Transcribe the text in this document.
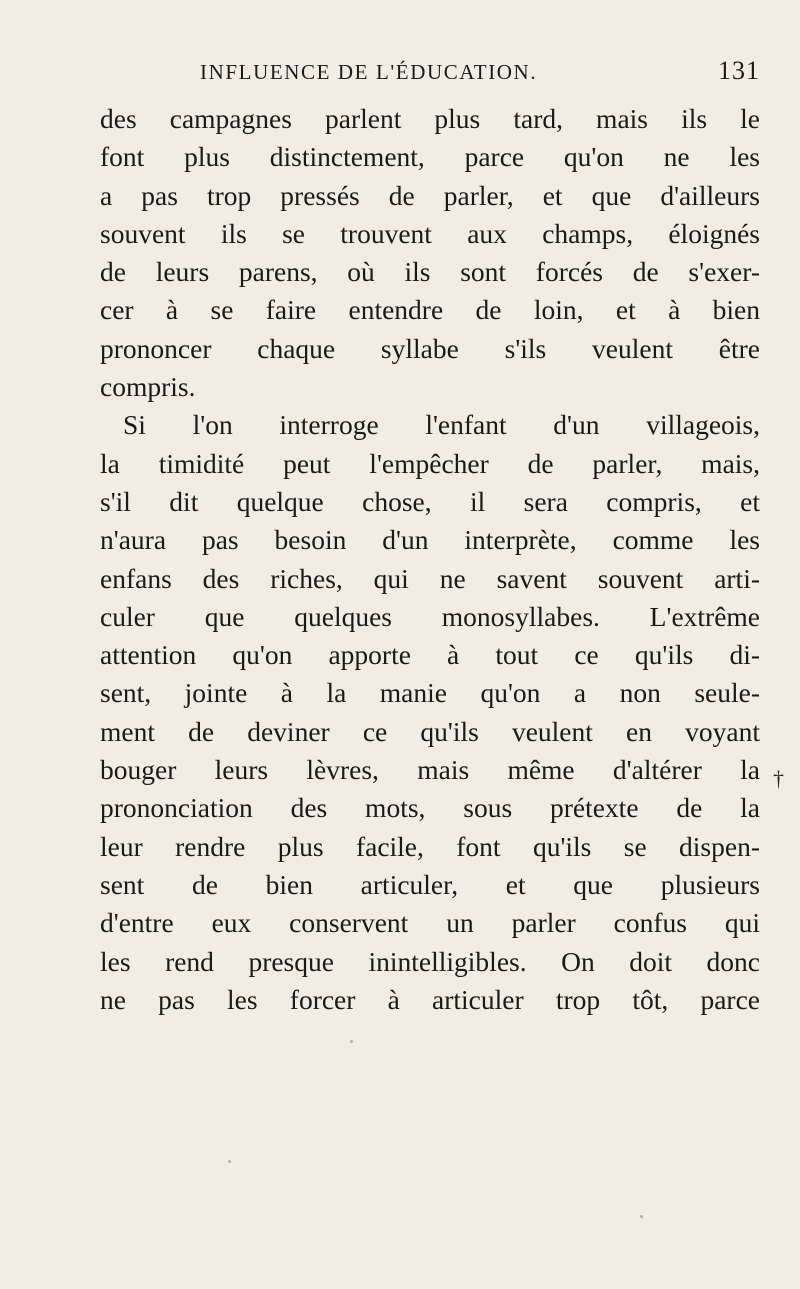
INFLUENCE DE L'ÉDUCATION.	131
des campagnes parlent plus tard, mais ils le
font plus distinctement, parce qu'on ne les
a pas trop pressés de parler, et que d'ailleurs
souvent ils se trouvent aux champs, éloignés
de leurs parens, où ils sont forcés de s'exer-
cer à se faire entendre de loin, et à bien
prononcer chaque syllabe s'ils veulent être
compris.
Si l'on interroge l'enfant d'un villageois,
la timidité peut l'empêcher de parler, mais,
s'il dit quelque chose, il sera compris, et
n'aura pas besoin d'un interprète, comme les
enfans des riches, qui ne savent souvent arti-
culer que quelques monosyllabes. L'extrême
attention qu'on apporte à tout ce qu'ils di-
sent, jointe à la manie qu'on a non seule-
ment de deviner ce qu'ils veulent en voyant
bouger leurs lèvres, mais même d'altérer la
prononciation des mots, sous prétexte de la
leur rendre plus facile, font qu'ils se dispen-
sent de bien articuler, et que plusieurs
d'entre eux conservent un parler confus qui
les rend presque inintelligibles. On doit donc
ne pas les forcer à articuler trop tôt, parce
†
